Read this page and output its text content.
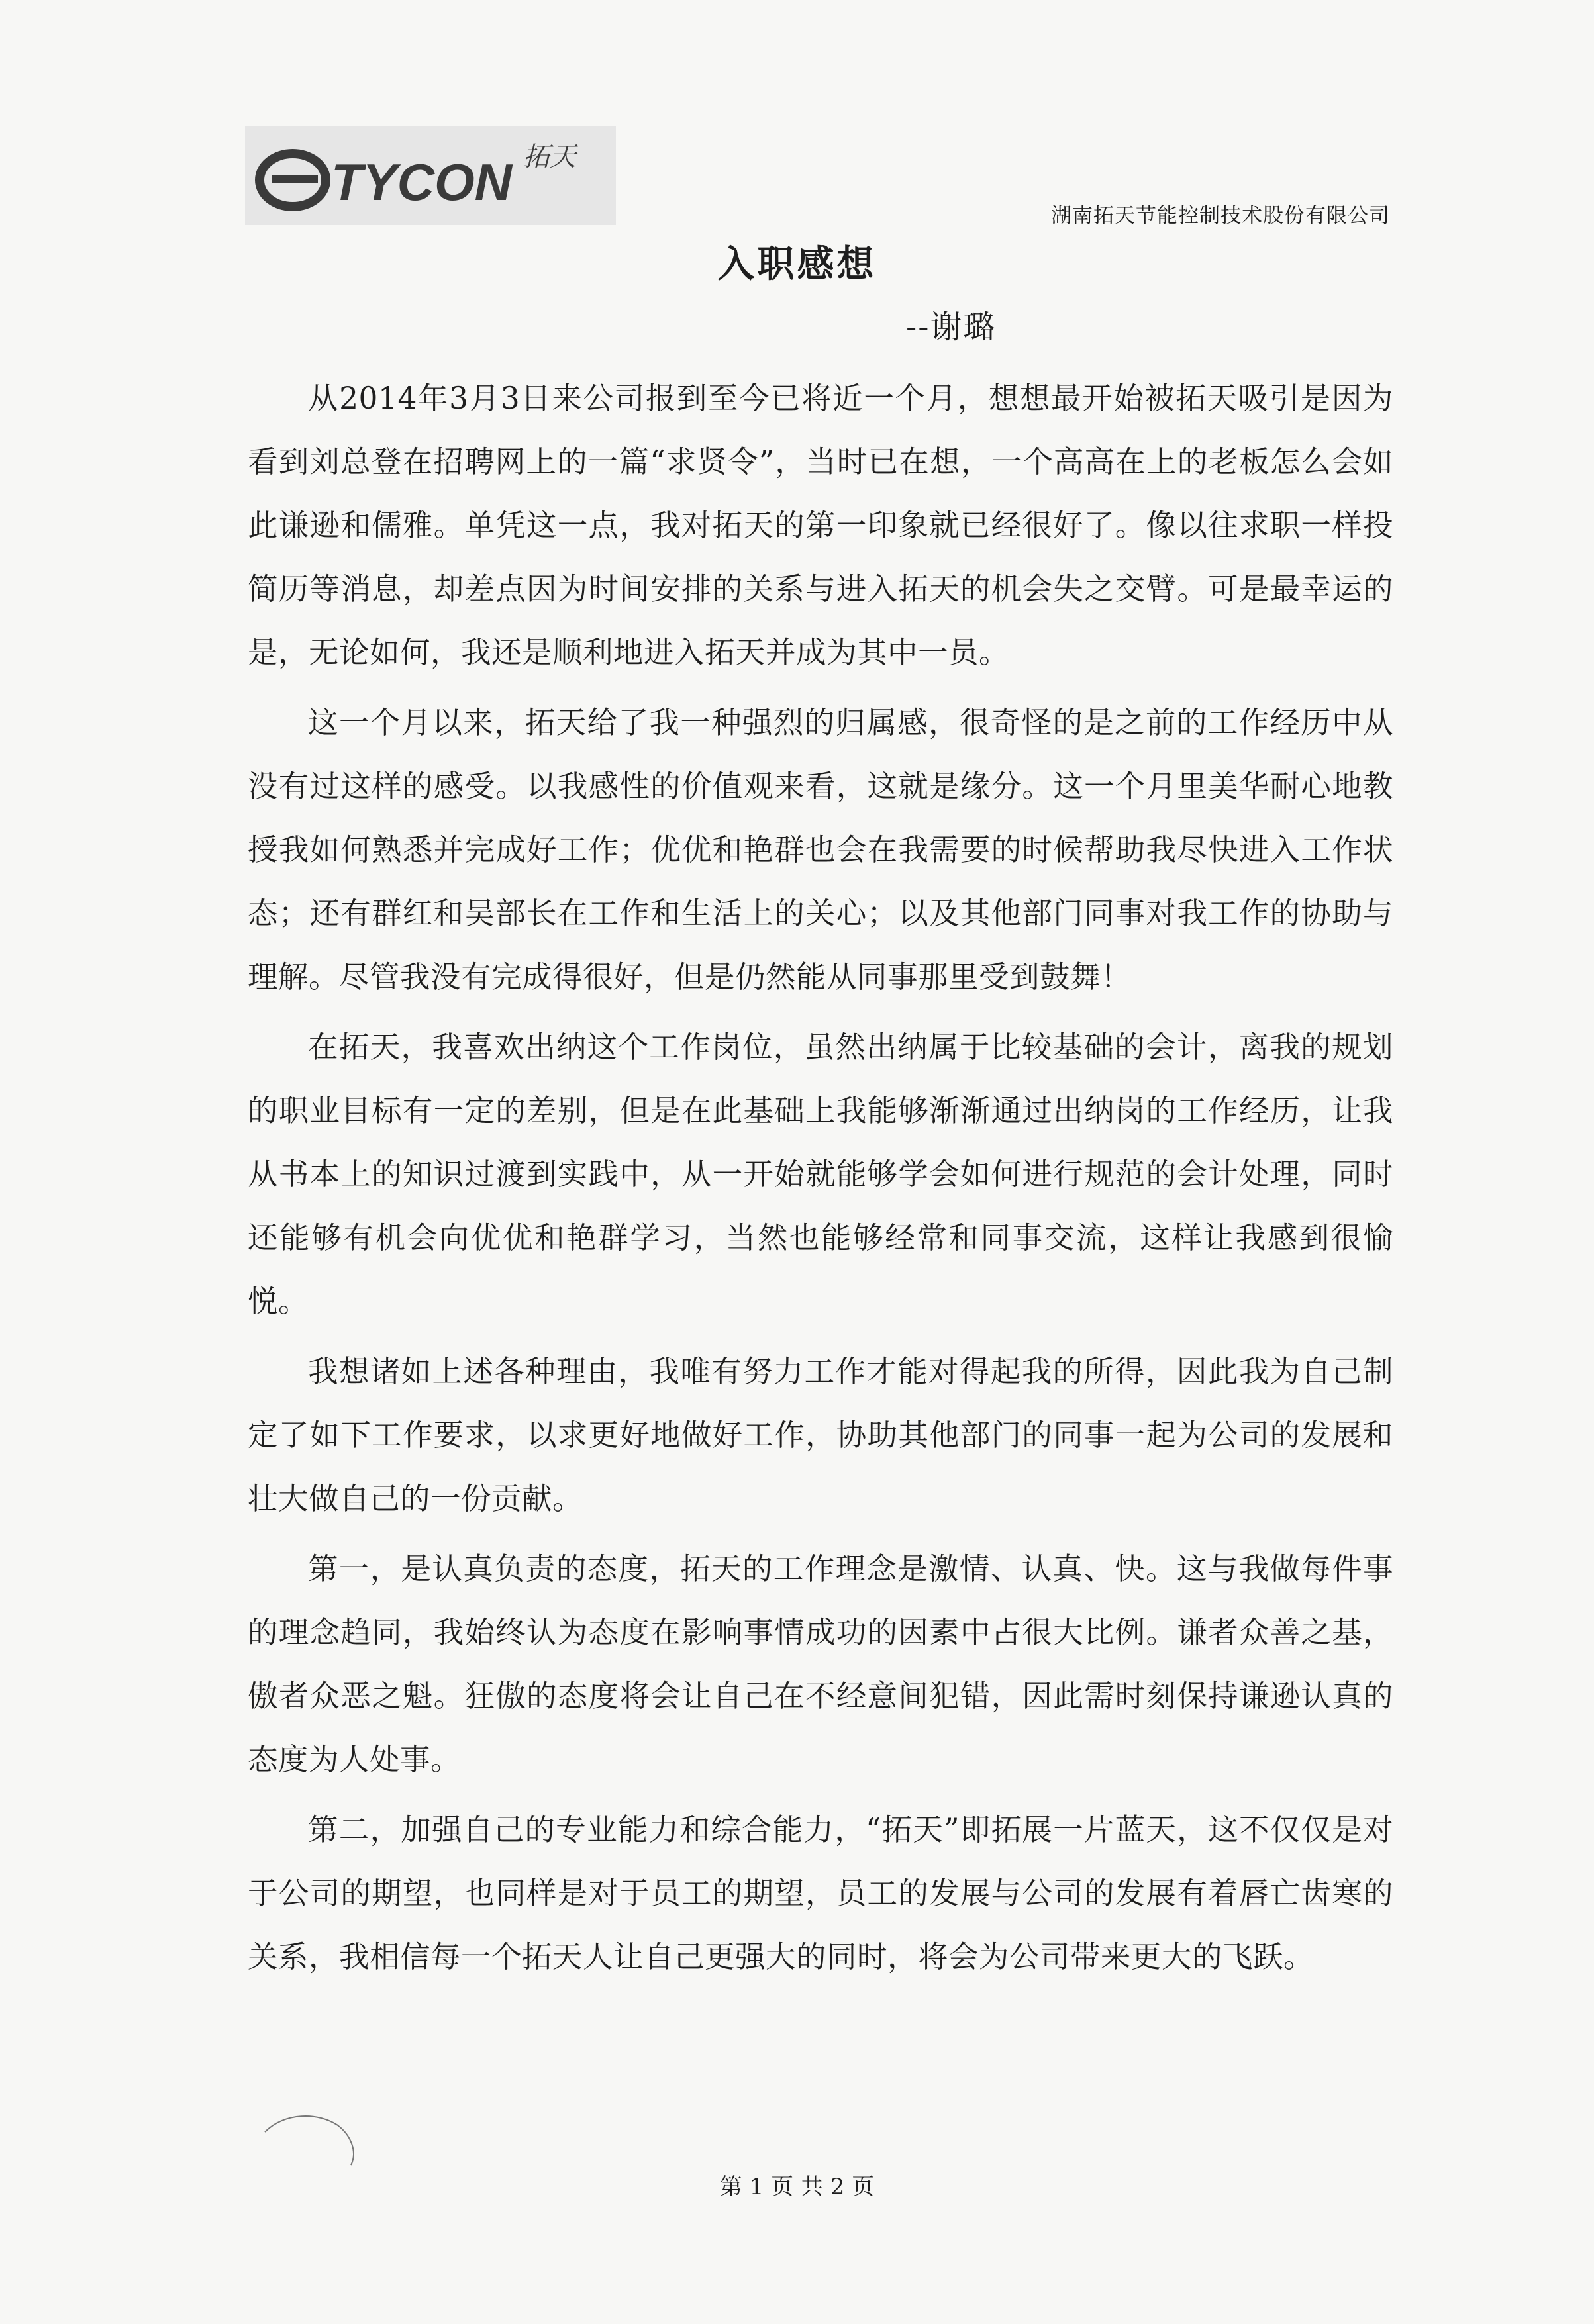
TYCON 拓天
湖南拓天节能控制技术股份有限公司
入职感想
--谢璐

从2014年3月3日来公司报到至今已将近一个月，想想最开始被拓天吸引是因为看到刘总登在招聘网上的一篇“求贤令”，当时已在想，一个高高在上的老板怎么会如此谦逊和儒雅。单凭这一点，我对拓天的第一印象就已经很好了。像以往求职一样投简历等消息，却差点因为时间安排的关系与进入拓天的机会失之交臂。可是最幸运的是，无论如何，我还是顺利地进入拓天并成为其中一员。

这一个月以来，拓天给了我一种强烈的归属感，很奇怪的是之前的工作经历中从没有过这样的感受。以我感性的价值观来看，这就是缘分。这一个月里美华耐心地教授我如何熟悉并完成好工作；优优和艳群也会在我需要的时候帮助我尽快进入工作状态；还有群红和吴部长在工作和生活上的关心；以及其他部门同事对我工作的协助与理解。尽管我没有完成得很好，但是仍然能从同事那里受到鼓舞！

在拓天，我喜欢出纳这个工作岗位，虽然出纳属于比较基础的会计，离我的规划的职业目标有一定的差别，但是在此基础上我能够渐渐通过出纳岗的工作经历，让我从书本上的知识过渡到实践中，从一开始就能够学会如何进行规范的会计处理，同时还能够有机会向优优和艳群学习，当然也能够经常和同事交流，这样让我感到很愉悦。

我想诸如上述各种理由，我唯有努力工作才能对得起我的所得，因此我为自己制定了如下工作要求，以求更好地做好工作，协助其他部门的同事一起为公司的发展和壮大做自己的一份贡献。

第一，是认真负责的态度，拓天的工作理念是激情、认真、快。这与我做每件事的理念趋同，我始终认为态度在影响事情成功的因素中占很大比例。谦者众善之基，傲者众恶之魁。狂傲的态度将会让自己在不经意间犯错，因此需时刻保持谦逊认真的态度为人处事。

第二，加强自己的专业能力和综合能力，“拓天”即拓展一片蓝天，这不仅仅是对于公司的期望，也同样是对于员工的期望，员工的发展与公司的发展有着唇亡齿寒的关系，我相信每一个拓天人让自己更强大的同时，将会为公司带来更大的飞跃。

第 1 页 共 2 页
